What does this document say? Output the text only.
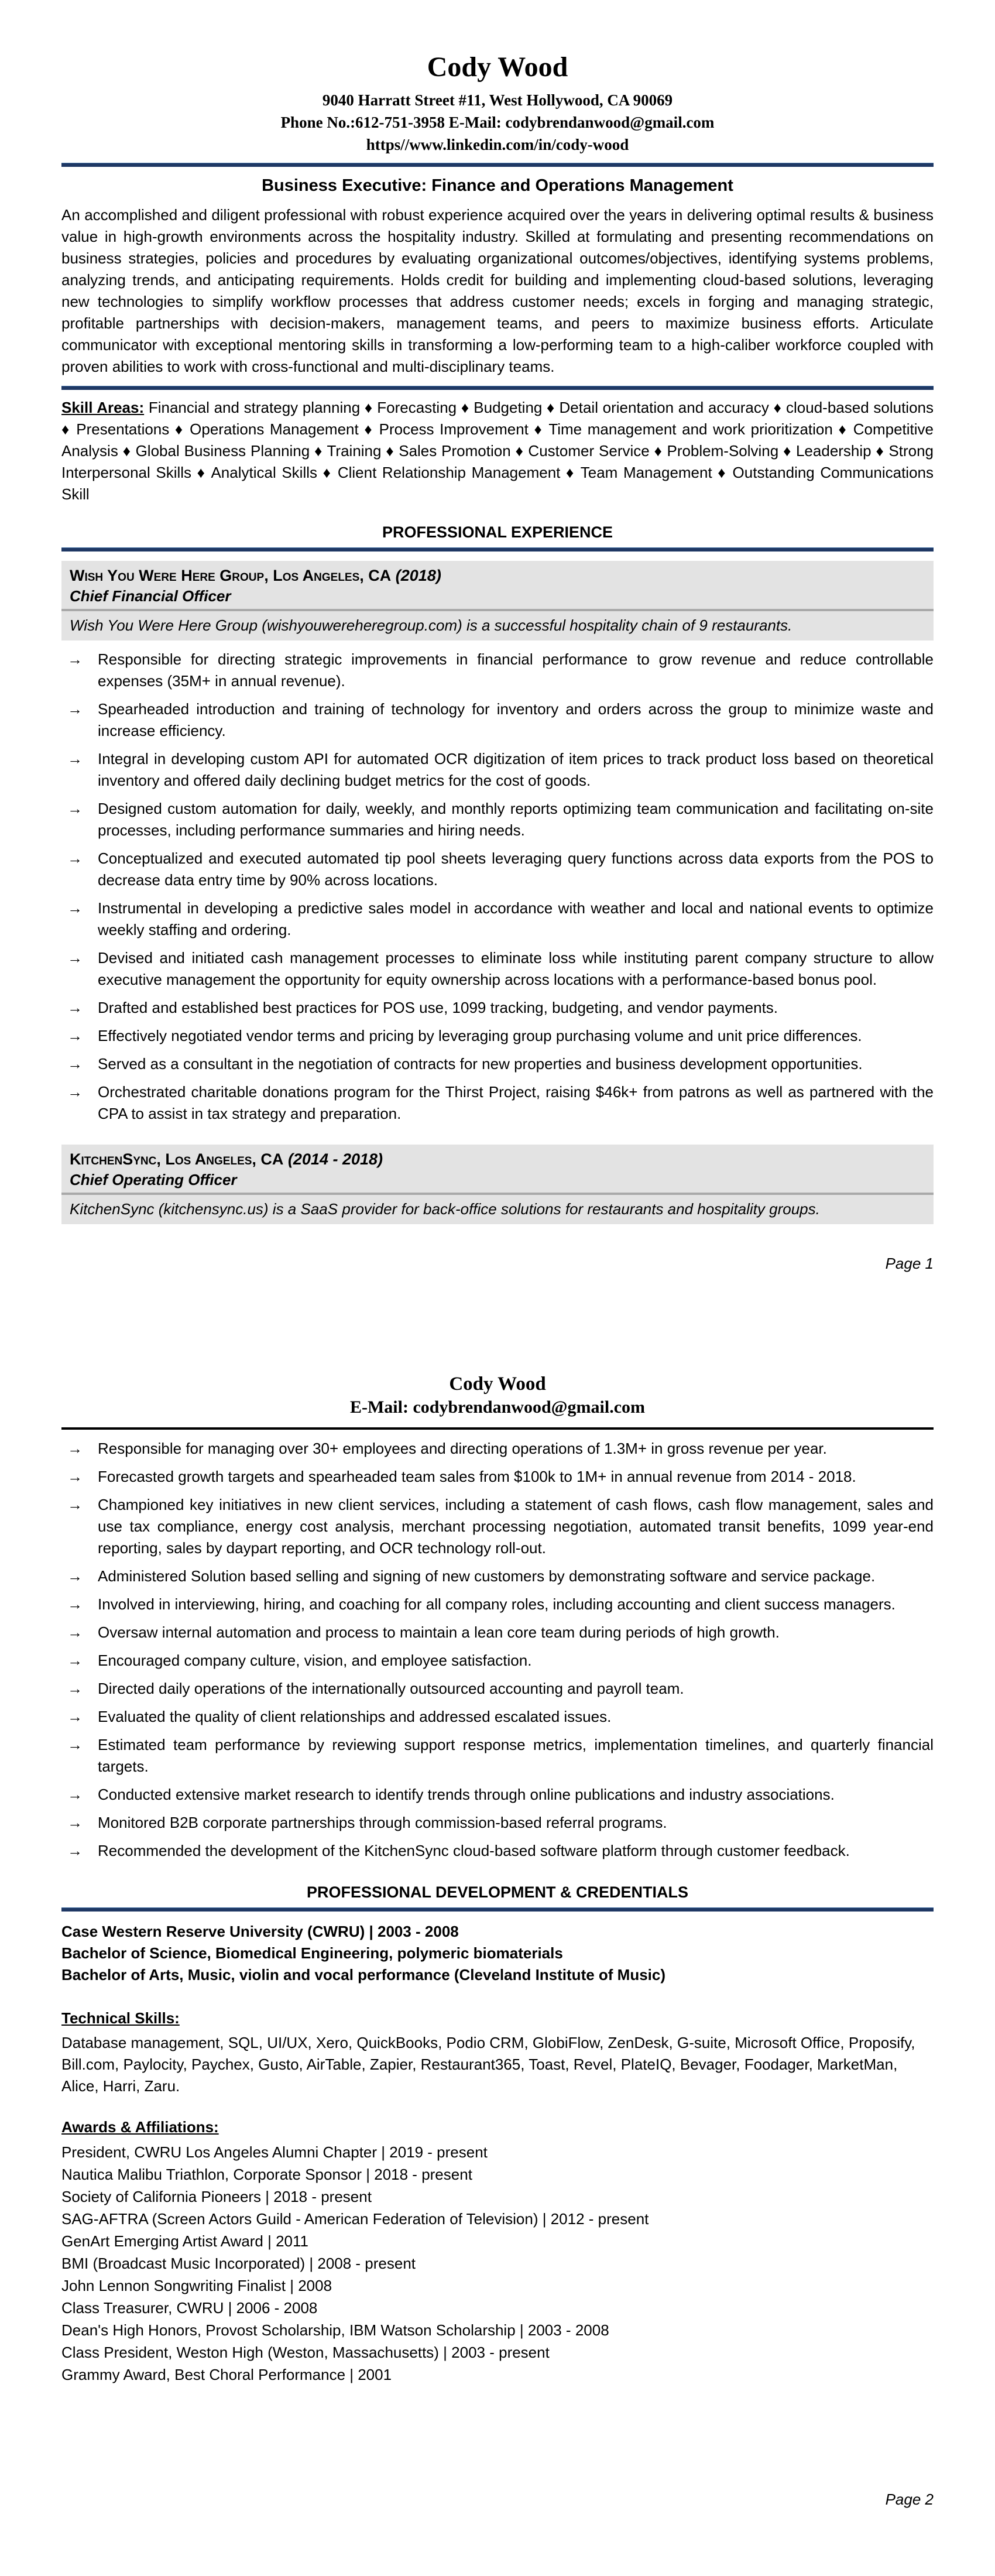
Cody Wood
9040 Harratt Street #11, West Hollywood, CA 90069
Phone No.:612-751-3958 E-Mail: codybrendanwood@gmail.com
https//www.linkedin.com/in/cody-wood
Business Executive: Finance and Operations Management
An accomplished and diligent professional with robust experience acquired over the years in delivering optimal results & business value in high-growth environments across the hospitality industry. Skilled at formulating and presenting recommendations on business strategies, policies and procedures by evaluating organizational outcomes/objectives, identifying systems problems, analyzing trends, and anticipating requirements. Holds credit for building and implementing cloud-based solutions, leveraging new technologies to simplify workflow processes that address customer needs; excels in forging and managing strategic, profitable partnerships with decision-makers, management teams, and peers to maximize business efforts. Articulate communicator with exceptional mentoring skills in transforming a low-performing team to a high-caliber workforce coupled with proven abilities to work with cross-functional and multi-disciplinary teams.
Skill Areas: Financial and strategy planning ♦ Forecasting ♦ Budgeting ♦ Detail orientation and accuracy ♦ cloud-based solutions ♦ Presentations ♦ Operations Management ♦ Process Improvement ♦ Time management and work prioritization ♦ Competitive Analysis ♦ Global Business Planning ♦ Training ♦ Sales Promotion ♦ Customer Service ♦ Problem-Solving ♦ Leadership ♦ Strong Interpersonal Skills ♦ Analytical Skills ♦ Client Relationship Management ♦ Team Management ♦ Outstanding Communications Skill
PROFESSIONAL EXPERIENCE
Wish You Were Here Group, Los Angeles, CA (2018)
Chief Financial Officer
Wish You Were Here Group (wishyouwereheregroup.com) is a successful hospitality chain of 9 restaurants.
→ Responsible for directing strategic improvements in financial performance to grow revenue and reduce controllable expenses (35M+ in annual revenue).
→ Spearheaded introduction and training of technology for inventory and orders across the group to minimize waste and increase efficiency.
→ Integral in developing custom API for automated OCR digitization of item prices to track product loss based on theoretical inventory and offered daily declining budget metrics for the cost of goods.
→ Designed custom automation for daily, weekly, and monthly reports optimizing team communication and facilitating on-site processes, including performance summaries and hiring needs.
→ Conceptualized and executed automated tip pool sheets leveraging query functions across data exports from the POS to decrease data entry time by 90% across locations.
→ Instrumental in developing a predictive sales model in accordance with weather and local and national events to optimize weekly staffing and ordering.
→ Devised and initiated cash management processes to eliminate loss while instituting parent company structure to allow executive management the opportunity for equity ownership across locations with a performance-based bonus pool.
→ Drafted and established best practices for POS use, 1099 tracking, budgeting, and vendor payments.
→ Effectively negotiated vendor terms and pricing by leveraging group purchasing volume and unit price differences.
→ Served as a consultant in the negotiation of contracts for new properties and business development opportunities.
→ Orchestrated charitable donations program for the Thirst Project, raising $46k+ from patrons as well as partnered with the CPA to assist in tax strategy and preparation.
KitchenSync, Los Angeles, CA (2014 - 2018)
Chief Operating Officer
KitchenSync (kitchensync.us) is a SaaS provider for back-office solutions for restaurants and hospitality groups.
Page 1
Cody Wood
E-Mail: codybrendanwood@gmail.com
→ Responsible for managing over 30+ employees and directing operations of 1.3M+ in gross revenue per year.
→ Forecasted growth targets and spearheaded team sales from $100k to 1M+ in annual revenue from 2014 - 2018.
→ Championed key initiatives in new client services, including a statement of cash flows, cash flow management, sales and use tax compliance, energy cost analysis, merchant processing negotiation, automated transit benefits, 1099 year-end reporting, sales by daypart reporting, and OCR technology roll-out.
→ Administered Solution based selling and signing of new customers by demonstrating software and service package.
→ Involved in interviewing, hiring, and coaching for all company roles, including accounting and client success managers.
→ Oversaw internal automation and process to maintain a lean core team during periods of high growth.
→ Encouraged company culture, vision, and employee satisfaction.
→ Directed daily operations of the internationally outsourced accounting and payroll team.
→ Evaluated the quality of client relationships and addressed escalated issues.
→ Estimated team performance by reviewing support response metrics, implementation timelines, and quarterly financial targets.
→ Conducted extensive market research to identify trends through online publications and industry associations.
→ Monitored B2B corporate partnerships through commission-based referral programs.
→ Recommended the development of the KitchenSync cloud-based software platform through customer feedback.
PROFESSIONAL DEVELOPMENT & CREDENTIALS
Case Western Reserve University (CWRU) | 2003 - 2008
Bachelor of Science, Biomedical Engineering, polymeric biomaterials
Bachelor of Arts, Music, violin and vocal performance (Cleveland Institute of Music)
Technical Skills:
Database management, SQL, UI/UX, Xero, QuickBooks, Podio CRM, GlobiFlow, ZenDesk, G-suite, Microsoft Office, Proposify, Bill.com, Paylocity, Paychex, Gusto, AirTable, Zapier, Restaurant365, Toast, Revel, PlateIQ, Bevager, Foodager, MarketMan, Alice, Harri, Zaru.
Awards & Affiliations:
President, CWRU Los Angeles Alumni Chapter | 2019 - present
Nautica Malibu Triathlon, Corporate Sponsor | 2018 - present
Society of California Pioneers | 2018 - present
SAG-AFTRA (Screen Actors Guild - American Federation of Television) | 2012 - present
GenArt Emerging Artist Award | 2011
BMI (Broadcast Music Incorporated) | 2008 - present
John Lennon Songwriting Finalist | 2008
Class Treasurer, CWRU | 2006 - 2008
Dean's High Honors, Provost Scholarship, IBM Watson Scholarship | 2003 - 2008
Class President, Weston High (Weston, Massachusetts) | 2003 - present
Grammy Award, Best Choral Performance | 2001
Page 2
